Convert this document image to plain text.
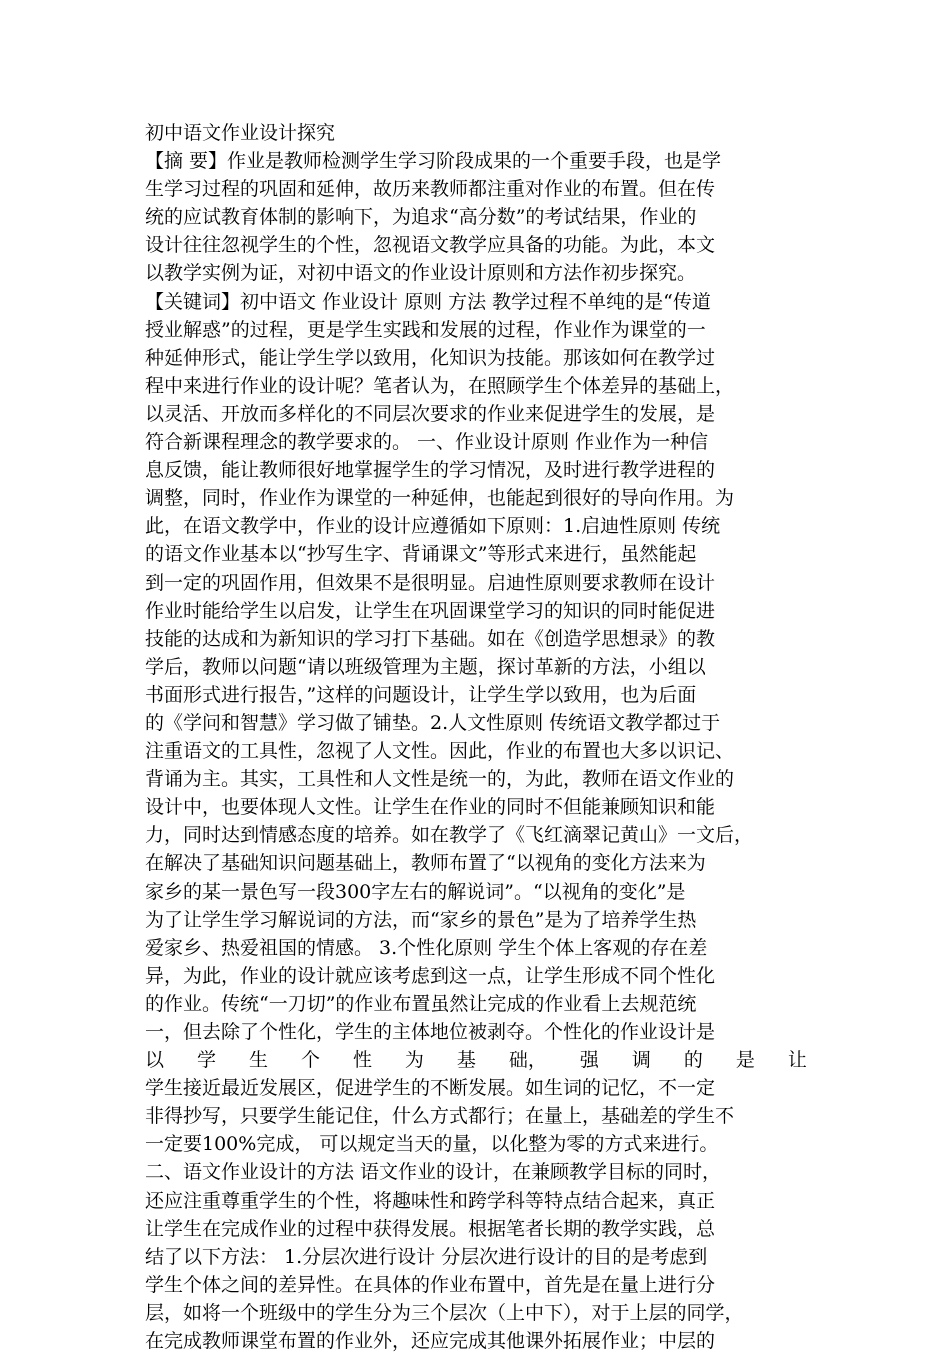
初中语文作业设计探究
【摘 要】作业是教师检测学生学习阶段成果的一个重要手段，也是学
生学习过程的巩固和延伸，故历来教师都注重对作业的布置。但在传
统的应试教育体制的影响下，为追求“高分数”的考试结果，作业的
设计往往忽视学生的个性，忽视语文教学应具备的功能。为此，本文
以教学实例为证，对初中语文的作业设计原则和方法作初步探究。
【关键词】初中语文 作业设计 原则 方法 教学过程不单纯的是“传道
授业解惑”的过程，更是学生实践和发展的过程，作业作为课堂的一
种延伸形式，能让学生学以致用，化知识为技能。那该如何在教学过
程中来进行作业的设计呢？笔者认为，在照顾学生个体差异的基础上，
以灵活、开放而多样化的不同层次要求的作业来促进学生的发展，是
符合新课程理念的教学要求的。 一、作业设计原则 作业作为一种信
息反馈，能让教师很好地掌握学生的学习情况，及时进行教学进程的
调整，同时，作业作为课堂的一种延伸，也能起到很好的导向作用。为
此，在语文教学中，作业的设计应遵循如下原则：1.启迪性原则 传统
的语文作业基本以“抄写生字、背诵课文”等形式来进行，虽然能起
到一定的巩固作用，但效果不是很明显。启迪性原则要求教师在设计
作业时能给学生以启发，让学生在巩固课堂学习的知识的同时能促进
技能的达成和为新知识的学习打下基础。如在《创造学思想录》的教
学后，教师以问题“请以班级管理为主题，探讨革新的方法，小组以
书面形式进行报告，”这样的问题设计，让学生学以致用，也为后面
的《学问和智慧》学习做了铺垫。2.人文性原则 传统语文教学都过于
注重语文的工具性，忽视了人文性。因此，作业的布置也大多以识记、
背诵为主。其实，工具性和人文性是统一的，为此，教师在语文作业的
设计中，也要体现人文性。让学生在作业的同时不但能兼顾知识和能
力，同时达到情感态度的培养。如在教学了《飞红滴翠记黄山》一文后，
在解决了基础知识问题基础上，教师布置了“以视角的变化方法来为
家乡的某一景色写一段300字左右的解说词”。“以视角的变化”是
为了让学生学习解说词的方法，而“家乡的景色”是为了培养学生热
爱家乡、热爱祖国的情感。 3.个性化原则 学生个体上客观的存在差
异，为此，作业的设计就应该考虑到这一点，让学生形成不同个性化
的作业。传统“一刀切”的作业布置虽然让完成的作业看上去规范统
一，但去除了个性化，学生的主体地位被剥夺。个性化的作业设计是
以 学 生 个 性 为 基 础， 强 调 的 是 让
学生接近最近发展区，促进学生的不断发展。如生词的记忆，不一定
非得抄写，只要学生能记住，什么方式都行；在量上，基础差的学生不
一定要100%完成， 可以规定当天的量，以化整为零的方式来进行。
二、语文作业设计的方法 语文作业的设计，在兼顾教学目标的同时，
还应注重尊重学生的个性，将趣味性和跨学科等特点结合起来，真正
让学生在完成作业的过程中获得发展。根据笔者长期的教学实践，总
结了以下方法： 1.分层次进行设计 分层次进行设计的目的是考虑到
学生个体之间的差异性。在具体的作业布置中，首先是在量上进行分
层，如将一个班级中的学生分为三个层次（上中下），对于上层的同学，
在完成教师课堂布置的作业外，还应完成其他课外拓展作业；中层的
